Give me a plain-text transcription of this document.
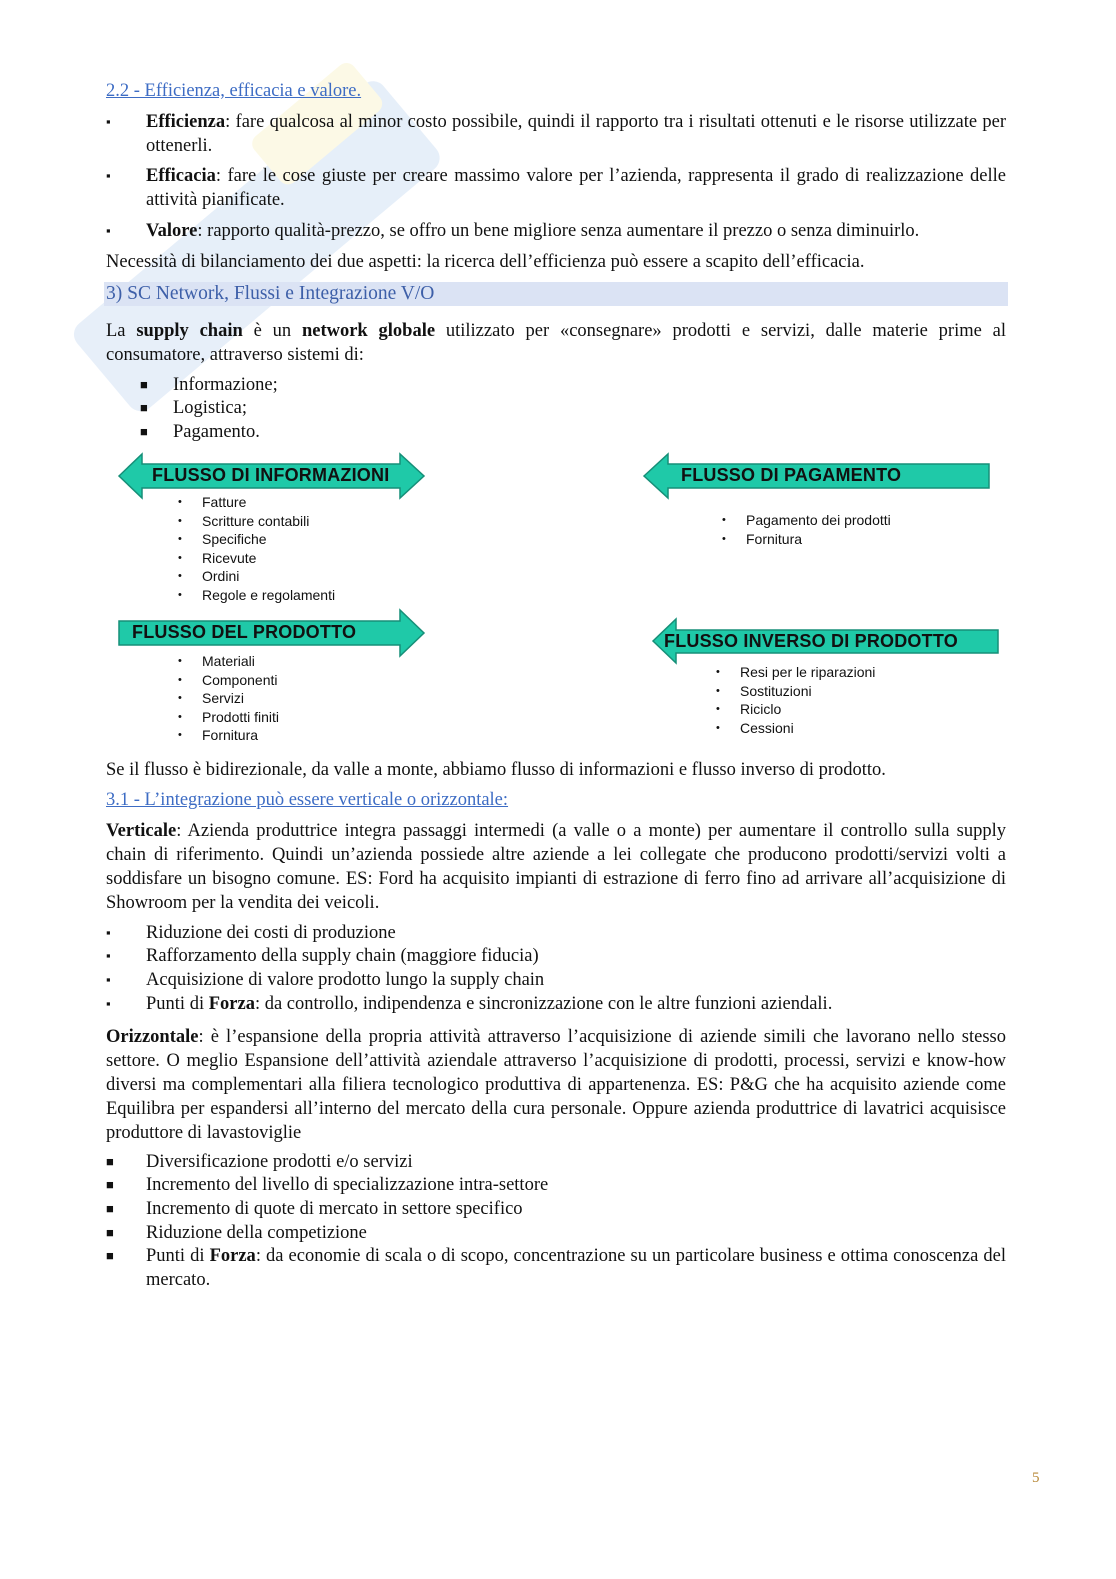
2.2 - Efficienza, efficacia e valore.
▪ Efficienza: fare qualcosa al minor costo possibile, quindi il rapporto tra i risultati ottenuti e le risorse utilizzate per ottenerli.
▪ Efficacia: fare le cose giuste per creare massimo valore per l’azienda, rappresenta il grado di realizzazione delle attività pianificate.
▪ Valore: rapporto qualità-prezzo, se offro un bene migliore senza aumentare il prezzo o senza diminuirlo.
Necessità di bilanciamento dei due aspetti: la ricerca dell’efficienza può essere a scapito dell’efficacia.
3) SC Network, Flussi e Integrazione V/O
La supply chain è un network globale utilizzato per «consegnare» prodotti e servizi, dalle materie prime al consumatore, attraverso sistemi di:
■ Informazione;
■ Logistica;
■ Pagamento.
FLUSSO DI INFORMAZIONI	FLUSSO DI PAGAMENTO
FLUSSO DEL PRODOTTO	FLUSSO INVERSO DI PRODOTTO
• Fatture
• Scritture contabili
• Specifiche
• Ricevute
• Ordini
• Regole e regolamenti
• Pagamento dei prodotti
• Fornitura
• Materiali
• Componenti
• Servizi
• Prodotti finiti
• Fornitura
• Resi per le riparazioni
• Sostituzioni
• Riciclo
• Cessioni
Se il flusso è bidirezionale, da valle a monte, abbiamo flusso di informazioni e flusso inverso di prodotto.
3.1 - L’integrazione può essere verticale o orizzontale:
Verticale: Azienda produttrice integra passaggi intermedi (a valle o a monte) per aumentare il controllo sulla supply chain di riferimento. Quindi un’azienda possiede altre aziende a lei collegate che producono prodotti/servizi volti a soddisfare un bisogno comune. ES: Ford ha acquisito impianti di estrazione di ferro fino ad arrivare all’acquisizione di Showroom per la vendita dei veicoli.
▪ Riduzione dei costi di produzione
▪ Rafforzamento della supply chain (maggiore fiducia)
▪ Acquisizione di valore prodotto lungo la supply chain
▪ Punti di Forza: da controllo, indipendenza e sincronizzazione con le altre funzioni aziendali.
Orizzontale: è l’espansione della propria attività attraverso l’acquisizione di aziende simili che lavorano nello stesso settore. O meglio Espansione dell’attività aziendale attraverso l’acquisizione di prodotti, processi, servizi e know-how diversi ma complementari alla filiera tecnologico produttiva di appartenenza. ES: P&G che ha acquisito aziende come Equilibra per espandersi all’interno del mercato della cura personale. Oppure azienda produttrice di lavatrici acquisisce produttore di lavastoviglie
■ Diversificazione prodotti e/o servizi
■ Incremento del livello di specializzazione intra-settore
■ Incremento di quote di mercato in settore specifico
■ Riduzione della competizione
■ Punti di Forza: da economie di scala o di scopo, concentrazione su un particolare business e ottima conoscenza del mercato.
5
